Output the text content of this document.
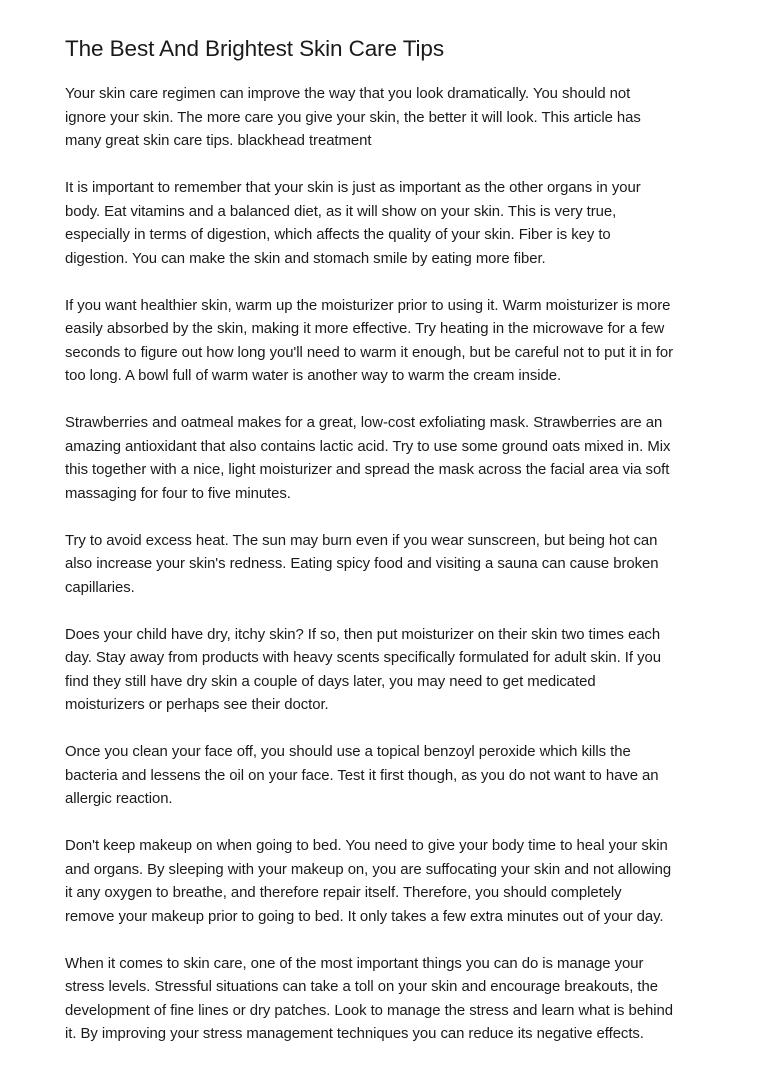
The Best And Brightest Skin Care Tips

Your skin care regimen can improve the way that you look dramatically. You should not
ignore your skin. The more care you give your skin, the better it will look. This article has
many great skin care tips. blackhead treatment

It is important to remember that your skin is just as important as the other organs in your
body. Eat vitamins and a balanced diet, as it will show on your skin. This is very true,
especially in terms of digestion, which affects the quality of your skin. Fiber is key to
digestion. You can make the skin and stomach smile by eating more fiber.

If you want healthier skin, warm up the moisturizer prior to using it. Warm moisturizer is more
easily absorbed by the skin, making it more effective. Try heating in the microwave for a few
seconds to figure out how long you'll need to warm it enough, but be careful not to put it in for
too long. A bowl full of warm water is another way to warm the cream inside.

Strawberries and oatmeal makes for a great, low-cost exfoliating mask. Strawberries are an
amazing antioxidant that also contains lactic acid. Try to use some ground oats mixed in. Mix
this together with a nice, light moisturizer and spread the mask across the facial area via soft
massaging for four to five minutes.

Try to avoid excess heat. The sun may burn even if you wear sunscreen, but being hot can
also increase your skin's redness. Eating spicy food and visiting a sauna can cause broken
capillaries.

Does your child have dry, itchy skin? If so, then put moisturizer on their skin two times each
day. Stay away from products with heavy scents specifically formulated for adult skin. If you
find they still have dry skin a couple of days later, you may need to get medicated
moisturizers or perhaps see their doctor.

Once you clean your face off, you should use a topical benzoyl peroxide which kills the
bacteria and lessens the oil on your face. Test it first though, as you do not want to have an
allergic reaction.

Don't keep makeup on when going to bed. You need to give your body time to heal your skin
and organs. By sleeping with your makeup on, you are suffocating your skin and not allowing
it any oxygen to breathe, and therefore repair itself. Therefore, you should completely
remove your makeup prior to going to bed. It only takes a few extra minutes out of your day.

When it comes to skin care, one of the most important things you can do is manage your
stress levels. Stressful situations can take a toll on your skin and encourage breakouts, the
development of fine lines or dry patches. Look to manage the stress and learn what is behind
it. By improving your stress management techniques you can reduce its negative effects.
